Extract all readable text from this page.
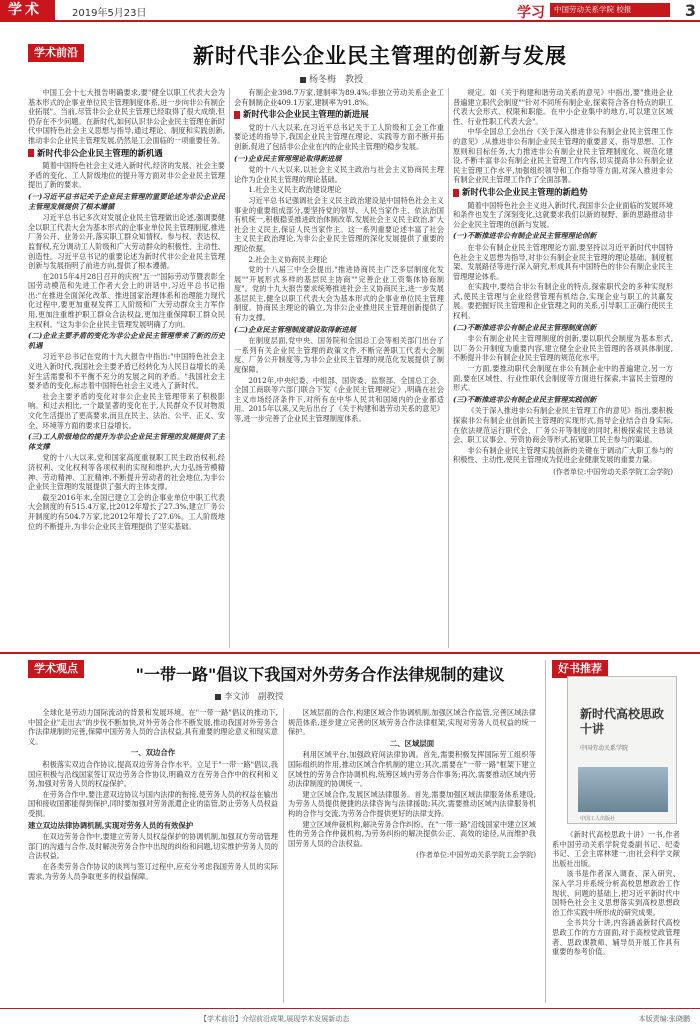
学术	2019年5月23日	学习	中国劳动关系学院 校报	3
学术前沿	新时代非公企业民主管理的创新与发展
杨冬梅　教授

中国工会十七大报告明确要求,要"健全以职工代表大会为基本形式的企事业单位民主管理制度体系,进一步向非公有制企业拓展"。当前,尽管非公企业民主管理已经取得了很大成绩,但仍存在不少问题。在新时代,如何认识非公企业民主管理在新时代中国特色社会主义思想与指导,通过理论、制度和实践创新,推动非公企业民主管理发展,仍然是工会面临的一项重要任务。

新时代非公企业民主管理的新机遇

随着中国特色社会主义进入新时代,经济的发展、社会主要矛盾的变化、工人阶级地位的提升等方面对非公企业民主管理提出了新的要求。

(一)习近平总书记关于企业民主管理的重要论述为非公企业民主管理发展提供了根本遵循

习近平总书记多次对发展企业民主管理做出论述,强调要健全以职工代表大会为基本形式的企事业单位民主管理制度,推进厂务公开、业务公开,落实职工群众知情权、参与权、表达权、监督权,充分调动工人阶级和广大劳动群众的积极性、主动性、创造性。习近平总书记的重要论述为新时代非公企业民主管理创新与发展指明了前进方向,提供了根本遵循。

在2015年4月28日召开的庆祝"五一"国际劳动节暨表彰全国劳动模范和先进工作者大会上的讲话中,习近平总书记指出:"在推进全面深化改革、推进国家治理体系和治理能力现代化过程中,要更加重视发挥工人阶级和广大劳动群众主力军作用,更加注重维护职工群众合法权益,更加注重保障职工群众民主权利。"这为非公企业民主管理发展明确了方向。

(二)企业主要矛盾的变化为非公企业民主管理带来了新的历史机遇

习近平总书记在党的十九大报告中指出:"中国特色社会主义进入新时代,我国社会主要矛盾已经转化为人民日益增长的美好生活需要和不平衡不充分的发展之间的矛盾。"我国社会主要矛盾的变化,标志着中国特色社会主义进入了新时代。

社会主要矛盾的变化对非公企业民主管理带来了积极影响。和过去相比,一个最显著的变化在于,人民群众不仅对物质文化生活提出了更高要求,而且在民主、法治、公平、正义、安全、环境等方面的要求日益增长。

(三)工人阶级地位的提升为非公企业民主管理的发展提供了主体支撑

党的十八大以来,党和国家高度重视职工民主政治权利,经济权利、文化权利等各项权利的实现和维护,大力弘扬劳模精神、劳动精神、工匠精神,不断提升劳动者的社会地位,为非公企业民主管理的发展提供了强大的主体支撑。

截至2016年末,全国已建立工会的企事业单位中职工代表大会制度的有515.4万家,比2012年增长了27.3%,建立厂务公开制度的有504.7万家,比2012年增长了27.6%。工人阶级地位的不断提升,为非公企业民主管理提供了坚实基础。

有制企业398.7万家,建制率为89.4%;非独立劳动关系企业工会有制制企业409.1万家,建制率为91.8%。

新时代非公企业民主管理的新进展

党的十八大以来,在习近平总书记关于工人阶级和工会工作重要论述的指导下,我国企业民主管理在理论、实践等方面不断开拓创新,促进了包括非公企业在内的企业民主管理的稳步发展。

(一)企业民主管理理论取得新进展

党的十八大以来,以社会主义民主政治与社会主义协商民主理论作为企业民主管理的理论基础。

1.社会主义民主政治建设理论

习近平总书记强调社会主义民主政治建设是中国特色社会主义事业的重要组成部分,要坚持党的领导、人民当家作主、依法治国有机统一,积极稳妥推进政治体制改革,发展社会主义民主政治,扩大社会主义民主,保证人民当家作主。这一系列重要论述丰富了社会主义民主政治理论,为非公企业民主管理的深化发展提供了重要的理论依据。

2.社会主义协商民主理论

党的十八届三中全会提出,"推进协商民主广泛多层制度化发展""开展形式多样的基层民主协商""完善企业工资集体协商制度"。党的十九大报告要求统筹推进社会主义协商民主,进一步发展基层民主,健全以职工代表大会为基本形式的企事业单位民主管理制度。协商民主理论的确立,为非公企业推进民主管理创新提供了有力支撑。

(二)企业民主管理制度建设取得新进展

在制度层面,党中央、国务院和全国总工会等相关部门出台了一系列有关企业民主管理的政策文件,不断完善职工代表大会制度、厂务公开制度等,为非公企业民主管理的规范化发展提供了制度保障。

2012年,中央纪委、中组部、国资委、监察部、全国总工会、全国工商联等六部门联合下发《企业民主管理规定》,明确在社会主义市场经济条件下,对所有在中华人民共和国境内的企业都适用。2015年以来,又先后出台了《关于构建和谐劳动关系的意见》等,进一步完善了企业民主管理制度体系。

规定。如《关于构建和谐劳动关系的意见》中指出,要"推进企业普遍建立职代会制度""针对不同所有制企业,探索符合各自特点的职工代表大会形式、权限和职能。在中小企业集中的地方,可以建立区域性、行业性职工代表大会"。

中华全国总工会出台《关于深入推进非公有制企业民主管理工作的意见》,从推进非公有制企业民主管理的重要意义、指导思想、工作原则和目标任务,大力推进非公有制企业民主管理制度化、规范化建设,不断丰富非公有制企业民主管理工作内容,切实提高非公有制企业民主管理工作水平,加强组织领导和工作指导等方面,对深入推进非公有制企业民主管理工作作了全面部署。

新时代非公企业民主管理的新趋势

随着中国特色社会主义进入新时代,我国非公企业面临的发展环境和条件也发生了深刻变化,这就要求我们以新的视野、新的思路推动非公企业民主管理的创新与发展。

(一)不断推进非公有制企业民主管理理论创新

在非公有制企业民主管理理论方面,要坚持以习近平新时代中国特色社会主义思想为指导,对非公有制企业民主管理的理论基础、制度框架、发展路径等进行深入研究,形成具有中国特色的非公有制企业民主管理理论体系。

在实践中,要结合非公有制企业的特点,探索职代会的多种实现形式,使民主管理与企业经营管理有机结合,实现企业与职工的共赢发展。要把握好民主管理和企业管理之间的关系,引导职工正确行使民主权利。

(二)不断推进非公有制企业民主管理制度创新

非公有制企业民主管理制度的创新,要以职代会制度为基本形式,以厂务公开制度为重要内容,建立健全企业民主管理的各项具体制度,不断提升非公有制企业民主管理的规范化水平。

一方面,要推动职代会制度在非公有制企业中的普遍建立,另一方面,要在区域性、行业性职代会制度等方面进行探索,丰富民主管理的形式。

(三)不断推进非公有制企业民主管理实践创新

《关于深入推进非公有制企业民主管理工作的意见》指出,要积极探索非公有制企业创新民主管理的实现形式,指导企业结合自身实际,在依法规范运行职代会、厂务公开等制度的同时,积极探索民主恳谈会、职工议事会、劳资协商会等形式,拓宽职工民主参与的渠道。

非公有制企业民主管理实践创新的关键在于调动广大职工参与的积极性、主动性,使民主管理成为促进企业健康发展的重要力量。

(作者单位:中国劳动关系学院工会学院)

学术观点	"一带一路"倡议下我国对外劳务合作法律规制的建议
李文沛　副教授

全球化是劳动力国际流动的背景和发展环境。在"一带一路"倡议的推动下,中国企业"走出去"的步伐不断加快,对外劳务合作不断发展,推动我国对外劳务合作法律规制的完善,保障中国劳务人员的合法权益,具有重要的理论意义和现实意义。

一、双边合作

积极落实双边合作协议,提高双边劳务合作水平。立足于"一带一路"倡议,我国应积极与沿线国家签订双边劳务合作协议,明确双方在劳务合作中的权利和义务,加强对劳务人员的权益保护。

在劳务合作中,要注意双边协议与国内法律的衔接,使劳务人员的权益在输出国和接收国都能得到保护,同时要加强对劳务派遣企业的监管,防止劳务人员权益受损。

建立双边法律协调机制,实现对劳务人员的有效保护

在双边劳务合作中,要建立劳务人员权益保护的协调机制,加强双方劳动管理部门的沟通与合作,及时解决劳务合作中出现的纠纷和问题,切实维护劳务人员的合法权益。

在各类劳务合作协议的谈判与签订过程中,应充分考虑我国劳务人员的实际需求,为劳务人员争取更多的权益保障。

区域层面的合作,构建区域合作协调机制,加强区域合作监管,完善区域法律规范体系,逐步建立完善的区域劳务合作法律框架,实现对劳务人员权益的统一保护。

二、区域层面

利用区域平台,加强政府间法律协调。首先,需要积极发挥国际劳工组织等国际组织的作用,推动区域合作机制的建立;其次,需要在"一带一路"框架下建立区域性的劳务合作协调机构,统筹区域内劳务合作事务;再次,需要推动区域内劳动法律制度的协调统一。

建立区域合作,发展区域法律服务。首先,需要加强区域法律服务体系建设,为劳务人员提供便捷的法律咨询与法律援助;其次,需要推动区域内法律服务机构的合作与交流,为劳务合作提供更好的法律支持。

建立区域仲裁机构,解决劳务合作纠纷。在"一带一路"沿线国家中建立区域性的劳务合作仲裁机构,为劳务纠纷的解决提供公正、高效的途径,从而维护我国劳务人员的合法权益。

(作者单位:中国劳动关系学院工会学院)

好书推荐
新时代高校思政十讲
中国劳动关系学院
中国工人出版社

《新时代高校思政十讲》一书,作者系中国劳动关系学院党委副书记、纪委书记、工会主席林建一,由社会科学文献出版社出版。

该书是作者深入调查、深入研究、深入学习并系统分析高校思想政治工作现状、问题的基础上,把习近平新时代中国特色社会主义思想落实到高校思想政治工作实践中所形成的研究成果。

全书共分十讲,内容涵盖新时代高校思政工作的方方面面,对于高校党政管理者、思政课教师、辅导员开展工作具有重要的参考价值。

【学术前沿】介绍前沿成果,展现学术发展新动态	本版责编:张晓鹏
